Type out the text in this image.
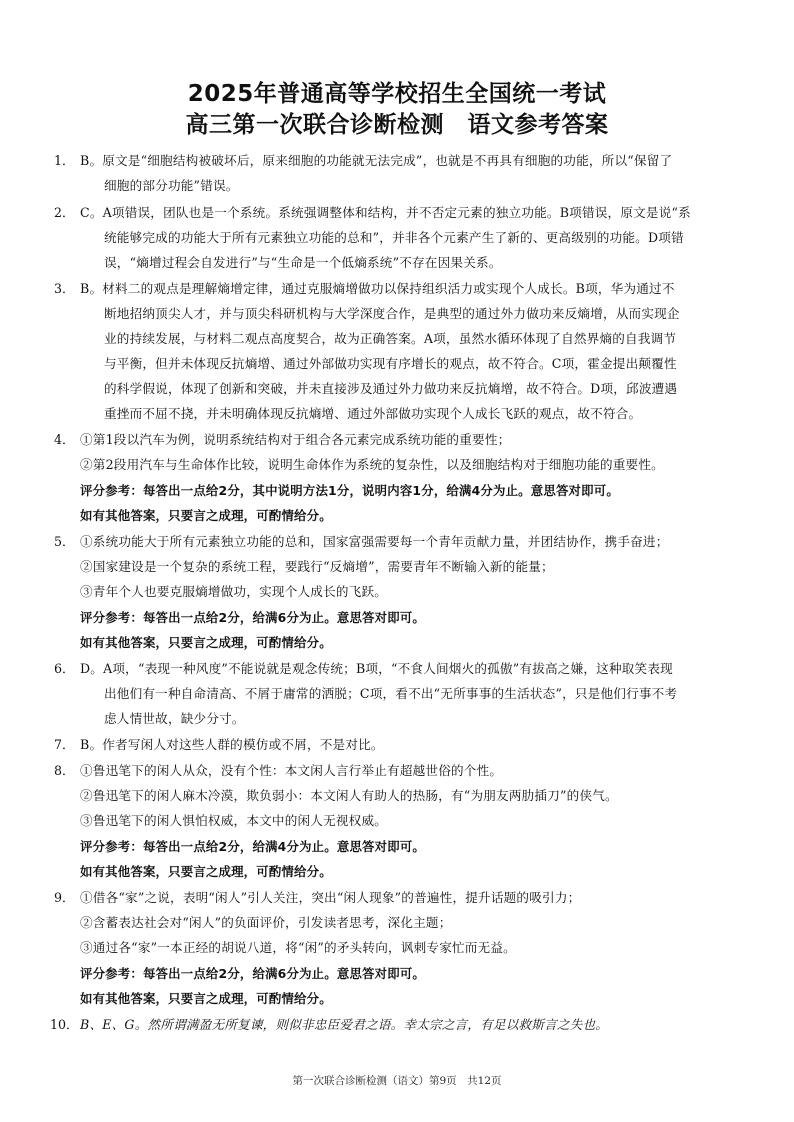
2025年普通高等学校招生全国统一考试
高三第一次联合诊断检测　语文参考答案
1． B。原文是“细胞结构被破坏后，原来细胞的功能就无法完成”，也就是不再具有细胞的功能，所以“保留了
细胞的部分功能”错误。
2． C。A项错误，团队也是一个系统。系统强调整体和结构，并不否定元素的独立功能。B项错误，原文是说“系
统能够完成的功能大于所有元素独立功能的总和”，并非各个元素产生了新的、更高级别的功能。D项错
误，“熵增过程会自发进行”与“生命是一个低熵系统”不存在因果关系。
3． B。材料二的观点是理解熵增定律，通过克服熵增做功以保持组织活力或实现个人成长。B项，华为通过不
断地招纳顶尖人才，并与顶尖科研机构与大学深度合作，是典型的通过外力做功来反熵增，从而实现企
业的持续发展，与材料二观点高度契合，故为正确答案。A项，虽然水循环体现了自然界熵的自我调节
与平衡，但并未体现反抗熵增、通过外部做功实现有序增长的观点，故不符合。C项，霍金提出颠覆性
的科学假说，体现了创新和突破，并未直接涉及通过外力做功来反抗熵增，故不符合。D项，邱波遭遇
重挫而不屈不挠，并未明确体现反抗熵增、通过外部做功实现个人成长飞跃的观点，故不符合。
4． ①第1段以汽车为例，说明系统结构对于组合各元素完成系统功能的重要性；
②第2段用汽车与生命体作比较，说明生命体作为系统的复杂性，以及细胞结构对于细胞功能的重要性。
评分参考：每答出一点给2分，其中说明方法1分，说明内容1分，给满4分为止。意思答对即可。
如有其他答案，只要言之成理，可酌情给分。
5． ①系统功能大于所有元素独立功能的总和，国家富强需要每一个青年贡献力量，并团结协作，携手奋进；
②国家建设是一个复杂的系统工程，要践行“反熵增”，需要青年不断输入新的能量；
③青年个人也要克服熵增做功，实现个人成长的飞跃。
评分参考：每答出一点给2分，给满6分为止。意思答对即可。
如有其他答案，只要言之成理，可酌情给分。
6． D。A项，“表现一种风度”不能说就是观念传统；B项，“不食人间烟火的孤傲”有拔高之嫌，这种取笑表现
出他们有一种自命清高、不屑于庸常的洒脱；C项，看不出“无所事事的生活状态”，只是他们行事不考
虑人情世故，缺少分寸。
7． B。作者写闲人对这些人群的模仿或不屑，不是对比。
8． ①鲁迅笔下的闲人从众，没有个性：本文闲人言行举止有超越世俗的个性。
②鲁迅笔下的闲人麻木冷漠，欺负弱小：本文闲人有助人的热肠，有“为朋友两肋插刀”的侠气。
③鲁迅笔下的闲人惧怕权威，本文中的闲人无视权威。
评分参考：每答出一点给2分，给满4分为止。意思答对即可。
如有其他答案，只要言之成理，可酌情给分。
9． ①借各“家”之说，表明“闲人”引人关注，突出“闲人现象”的普遍性，提升话题的吸引力；
②含蓄表达社会对“闲人”的负面评价，引发读者思考，深化主题；
③通过各“家”一本正经的胡说八道，将“闲”的矛头转向，讽刺专家忙而无益。
评分参考：每答出一点给2分，给满6分为止。意思答对即可。
如有其他答案，只要言之成理，可酌情给分。
10． B、E、G。然所谓满盈无所复谏，则似非忠臣爱君之语。幸太宗之言，有足以救斯言之失也。
第一次联合诊断检测（语文）第9页　共12页
